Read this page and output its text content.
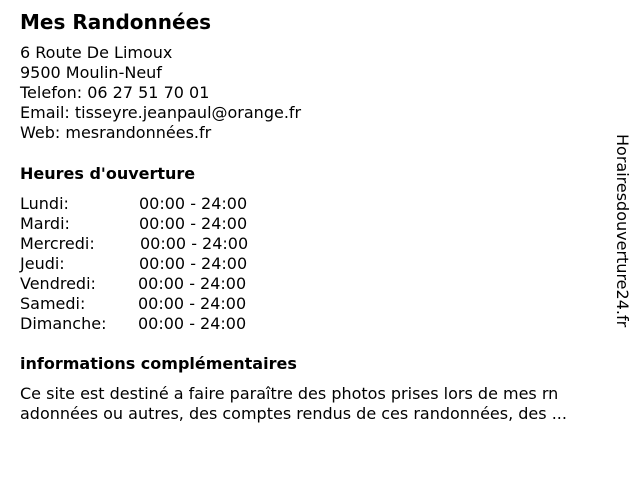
Mes Randonnées
6 Route De Limoux
9500 Moulin-Neuf
Telefon: 06 27 51 70 01
Email: tisseyre.jeanpaul@orange.fr
Web: mesrandonnées.fr
Heures d'ouverture
Lundi:	00:00 - 24:00
Mardi:	00:00 - 24:00
Mercredi:	00:00 - 24:00
Jeudi:	00:00 - 24:00
Vendredi:	00:00 - 24:00
Samedi:	00:00 - 24:00
Dimanche: 00:00 - 24:00
informations complémentaires
Ce site est destiné a faire paraître des photos prises lors de mes rn
adonnées ou autres, des comptes rendus de ces randonnées, des ...
Horairesdouverture24.fr
